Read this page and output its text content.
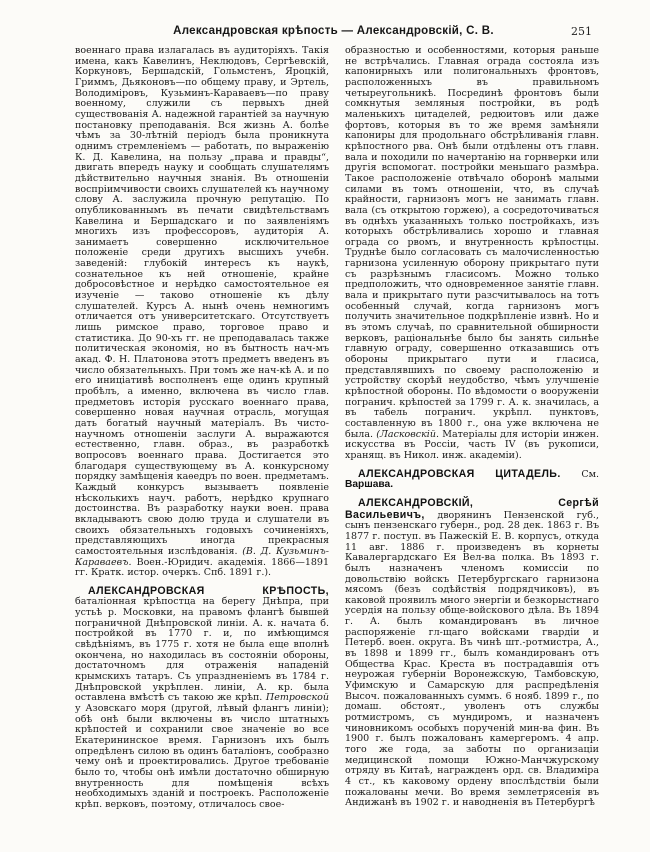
Александровская крѣпость — Александровскій, С. В.	251

военнаго права излагалась въ аудиторіяхъ. Такія имена, какъ Кавелинъ, Неклюдовъ, Сергѣевскій, Коркуновъ, Бершадскій, Гольмстенъ, Яроцкій, Гриммъ, Дьяконовъ—по общему праву, и Эртель, Володиміровъ, Кузьминъ-Караваевъ—по праву военному, служили съ первыхъ дней существованія А. надежной гарантіей за научную постановку преподаванія. Вся жизнь А. болѣе чѣмъ за 30-лѣтній періодъ была проникнута однимъ стремленіемъ — работать, по выраженію К. Д. Кавелина, на пользу „права и правды“, двигать впередъ науку и сообщать слушателямъ дѣйствительно научныя знанія. Въ отношеніи воспріимчивости своихъ слушателей къ научному слову А. заслужила прочную репутацію. По опубликованнымъ въ печати свидѣтельствамъ Кавелина и Бершадскаго и по заявленіямъ многихъ изъ профессоровъ, аудиторія А. занимаетъ совершенно исключительное положеніе среди другихъ высшихъ учебн. заведеній: глубокій интересъ къ наукѣ, сознательное къ ней отношеніе, крайне добросовѣстное и нерѣдко самостоятельное ея изученіе — таково отношеніе къ дѣлу слушателей. Курсъ А. нынѣ очень немногимъ отличается отъ университетскаго. Отсутствуетъ лишь римское право, торговое право и статистика. До 90-хъ гг. не преподавалась также политическая экономія, но въ бытность нач-мъ акад. Ф. Н. Платонова этотъ предметъ введенъ въ число обязательныхъ. При томъ же нач-кѣ А. и по его иниціативѣ восполненъ еще одинъ крупный пробѣлъ, а именно, включена въ число глав. предметовъ исторія русскаго военнаго права, совершенно новая научная отрасль, могущая дать богатый научный матеріалъ. Въ чисто-научномъ отношеніи заслуги А. выражаются естественно, главн. образ., въ разработкѣ вопросовъ военнаго права. Достигается это благодаря существующему въ А. конкурсному порядку замѣщенія каѳедръ по воен. предметамъ. Каждый конкурсъ вызываетъ появленіе нѣсколькихъ науч. работъ, нерѣдко крупнаго достоинства. Въ разработку науки воен. права вкладываютъ свою долю труда и слушатели въ своихъ обязательныхъ годовыхъ сочиненіяхъ, представляющихъ иногда прекрасныя самостоятельныя изслѣдованія. (В. Д. Кузьминъ-Караваевъ. Воен.-Юридич. академія. 1866—1891 гг. Кратк. истор. очеркъ. Спб. 1891 г.).

АЛЕКСАНДРОВСКАЯ КРѢПОСТЬ, баталіонная крѣпостца на берегу Днѣпра, при устьѣ р. Московки, на правомъ флангѣ бывшей пограничной Днѣпровской линіи. А. к. начата б. постройкой въ 1770 г. и, по имѣющимся свѣдѣніямъ, въ 1775 г. хотя не была еще вполнѣ окончена, но находилась въ состояніи обороны, достаточномъ для отраженія нападеній крымскихъ татаръ. Съ упраздненіемъ въ 1784 г. Днѣпровской укрѣплен. линіи, А. кр. была оставлена вмѣстѣ съ такою же крѣп. Петровской у Азовскаго моря (другой, лѣвый флангъ линіи); обѣ онѣ были включены въ число штатныхъ крѣпостей и сохранили свое значеніе во все Екатерининское время. Гарнизонъ ихъ былъ опредѣленъ силою въ одинъ баталіонъ, сообразно чему онѣ и проектировались. Другое требованіе было то, чтобы онѣ имѣли достаточно обширную внутренность для помѣщенія всѣхъ необходимыхъ зданій и построекъ. Расположеніе крѣп. верковъ, поэтому, отличалось свое-

образностью и особенностями, которыя раньше не встрѣчались. Главная ограда состояла изъ капонирныхъ или полигональныхъ фронтовъ, расположенныхъ въ правильномъ четыреугольникѣ. Посрединѣ фронтовъ были сомкнутыя земляныя постройки, въ родѣ маленькихъ цитаделей, редюитовъ или даже фортовъ, которыя въ то же время замѣняли капониры для продольнаго обстрѣливанія главн. крѣпостного рва. Онѣ были отдѣлены отъ главн. вала и походили по начертанію на горнверки или другія вспомогат. постройки меньшаго размѣра. Такое расположеніе отвѣчало оборонѣ малыми силами въ томъ отношеніи, что, въ случаѣ крайности, гарнизонъ могъ не занимать главн. вала (съ открытою горжею), а сосредоточиваться въ однѣхъ указанныхъ только постройкахъ, изъ которыхъ обстрѣливались хорошо и главная ограда со рвомъ, и внутренность крѣпостцы. Труднѣе было согласовать съ малочисленностью гарнизона усиленную оборону прикрытаго пути съ разрѣзнымъ гласисомъ. Можно только предположить, что одновременное занятіе главн. вала и прикрытаго пути разсчитывалось на тотъ особенный случай, когда гарнизонъ могъ получить значительное подкрѣпленіе извнѣ. Но и въ этомъ случаѣ, по сравнительной обширности верковъ, раціональнѣе было бы занять сильнѣе главную ограду, совершенно отказавшись отъ обороны прикрытаго пути и гласиса, представлявшихъ по своему расположенію и устройству скорѣй неудобство, чѣмъ улучшеніе крѣпостной обороны. По вѣдомости о вооруженіи погранич. крѣпостей за 1799 г. А. к. значилась, а въ табель погранич. укрѣпл. пунктовъ, составленную въ 1800 г., она уже включена не была. (Ласковскій. Матеріалы для исторіи инжен. искусства въ Россіи, часть IV (въ рукописи, хранящ. въ Никол. инж. академіи).

АЛЕКСАНДРОВСКАЯ ЦИТАДЕЛЬ. См. Варшава.

АЛЕКСАНДРОВСКІЙ, Сергѣй Васильевичъ, дворянинъ Пензенской губ., сынъ пензенскаго губерн., род. 28 дек. 1863 г. Въ 1877 г. поступ. въ Пажескій Е. В. корпусъ, откуда 11 авг. 1886 г. произведенъ въ корнеты Кавалергардскаго Ея Вел-ва полка. Въ 1893 г. былъ назначенъ членомъ комиссіи по довольствію войскъ Петербургскаго гарнизона мясомъ (безъ содѣйствія подрядчиковъ), въ каковой проявилъ много энергіи и безкорыстнаго усердія на пользу обще-войскового дѣла. Въ 1894 г. А. былъ командированъ въ личное распоряженіе гл-щаго войсками гвардіи и Петерб. воен. округа. Въ чинѣ шт.-ротмистра, А., въ 1898 и 1899 гг., былъ командированъ отъ Общества Крас. Креста въ пострадавшія отъ неурожая губерніи Воронежскую, Тамбовскую, Уфимскую и Самарскую для распредѣленія Высоч. пожалованныхъ суммъ. 6 нояб. 1899 г., по домаш. обстоят., уволенъ отъ службы ротмистромъ, съ мундиромъ, и назначенъ чиновникомъ особыхъ порученій мин-ва фин. Въ 1900 г. былъ пожалованъ камергеромъ. 4 апр. того же года, за заботы по организаціи медицинской помощи Южно-Манчжурскому отряду въ Китаѣ, награжденъ орд. св. Владиміра 4 ст., къ каковому ордену впослѣдствіи были пожалованы мечи. Во время землетрясенія въ Андижанѣ въ 1902 г. и наводненія въ Петербургѣ
